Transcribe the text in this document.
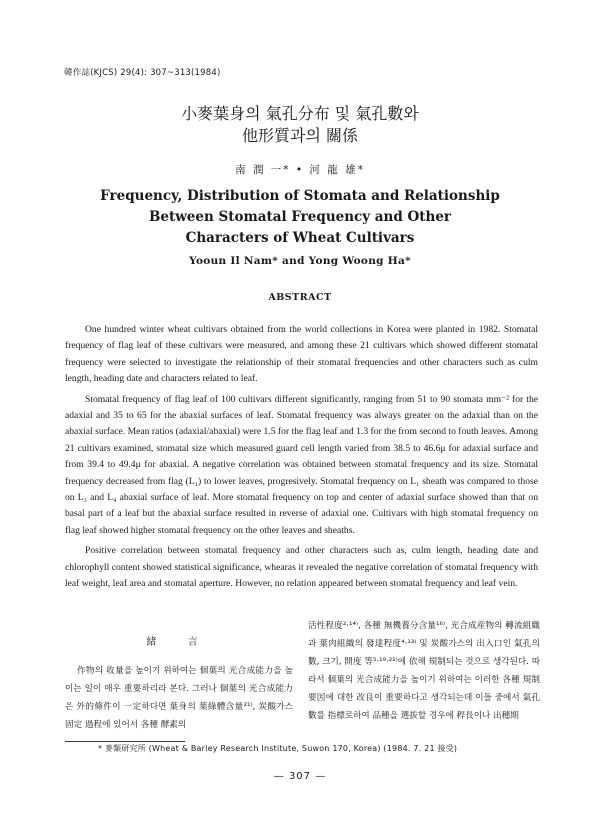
韓作誌(KJCS) 29(4): 307~313(1984)
小麥葉身의 氣孔分布 및 氣孔數와
他形質과의 關係
南 潤 一* • 河 龍 雄*
Frequency, Distribution of Stomata and Relationship
Between Stomatal Frequency and Other
Characters of Wheat Cultivars
Yooun Il Nam* and Yong Woong Ha*
ABSTRACT

One hundred winter wheat cultivars obtained from the world collections in Korea were planted in 1982. Stomatal frequency of flag leaf of these cultivars were measured, and among these 21 cultivars which showed different stomatal frequency were selected to investigate the relationship of their stomatal frequencies and other characters such as culm length, heading date and characters related to leaf.

Stomatal frequency of flag leaf of 100 cultivars different significantly, ranging from 51 to 90 stomata mm⁻² for the adaxial and 35 to 65 for the abaxial surfaces of leaf. Stomatal frequency was always greater on the adaxial than on the abaxial surface. Mean ratios (adaxial/abaxial) were 1.5 for the flag leaf and 1.3 for the from second to fouth leaves. Among 21 cultivars examined, stomatal size which measured guard cell length varied from 38.5 to 46.6μ for adaxial surface and from 39.4 to 49.4μ for abaxial. A negative correlation was obtained between stomatal frequency and its size. Stomatal frequency decreased from flag (L₁) to lower leaves, progresively. Stomatal frequency on L₁ sheath was compared to those on L₃ and L₄ abaxial surface of leaf. More stomatal frequency on top and center of adaxial surface showed than that on basal part of a leaf but the abaxial surface resulted in reverse of adaxial one. Cultivars with high stomatal frequency on flag leaf showed higher stomatal frequency on the other leaves and sheaths.

Positive correlation between stomatal frequency and other characters such as, culm length, heading date and chlorophyll content showed statistical significance, whearas it revealed the negative correlation of stomatal frequency with leaf weight, leaf area and stomatal aperture. However, no relation appeared between stomatal frequency and leaf vein.

緒 言

作物의 收量을 높이기 위하여는 個葉의 光合成能力을 높이는 일이 매우 重要하리라 본다. 그러나 個葉의 光合成能力은 外的條件이 一定하다면 葉身의 葉綠體含量²¹⁾, 炭酸가스固定 過程에 있어서 各種 酵素의

活性程度²·¹⁴⁾, 各種 無機養分含量¹⁶⁾, 光合成産物의 轉流組織과 葉肉組織의 發達程度⁴·¹³⁾ 및 炭酸가스의 出入口인 氣孔의 數, 크기, 開度 等⁵·¹⁹·²¹⁾에 依해 規制되는 것으로 생각된다. 따라서 個葉의 光合成能力을 높이기 위하여는 이러한 各種 規制要因에 대한 改良이 重要하다고 생각되는데 이들 중에서 氣孔數를 指標로하여 品種을 選拔할 경우에 稈長이나 出穗期

* 麥類研究所 (Wheat & Barley Research Institute, Suwon 170, Korea) (1984. 7. 21 接受)
— 307 —
